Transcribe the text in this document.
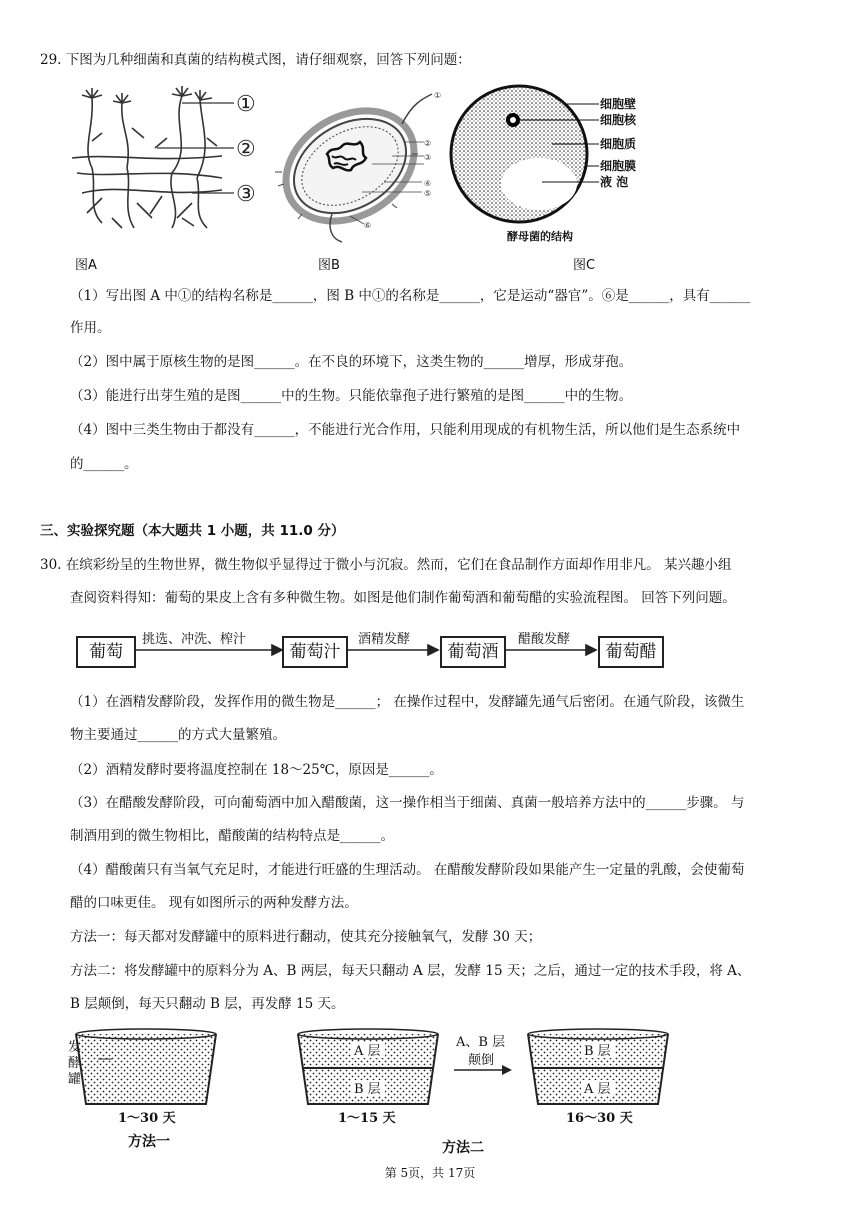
29. 下图为几种细菌和真菌的结构模式图，请仔细观察，回答下列问题：
①
②
③
图A
①
②
③
④
⑤
⑥
图B
细胞壁
细胞核
细胞质
细胞膜
液 泡
酵母菌的结构
图C
（1）写出图 A 中①的结构名称是______，图 B 中①的名称是______，它是运动“器官”。⑥是______，具有______
作用。
（2）图中属于原核生物的是图______。在不良的环境下，这类生物的______增厚，形成芽孢。
（3）能进行出芽生殖的是图______中的生物。只能依靠孢子进行繁殖的是图______中的生物。
（4）图中三类生物由于都没有______，不能进行光合作用，只能利用现成的有机物生活，所以他们是生态系统中
的______。
三、实验探究题（本大题共 1 小题，共 11.0 分）
30. 在缤彩纷呈的生物世界，微生物似乎显得过于微小与沉寂。然而，它们在食品制作方面却作用非凡。 某兴趣小组
查阅资料得知：葡萄的果皮上含有多种微生物。如图是他们制作葡萄酒和葡萄醋的实验流程图。 回答下列问题。
葡萄	葡萄汁	葡萄酒	葡萄醋
挑选、冲洗、榨汁	酒精发酵	醋酸发酵
（1）在酒精发酵阶段，发挥作用的微生物是______； 在操作过程中，发酵罐先通气后密闭。在通气阶段，该微生
物主要通过______的方式大量繁殖。
（2）酒精发酵时要将温度控制在 18～25℃，原因是______。
（3）在醋酸发酵阶段，可向葡萄酒中加入醋酸菌，这一操作相当于细菌、真菌一般培养方法中的______步骤。 与
制酒用到的微生物相比，醋酸菌的结构特点是______。
（4）醋酸菌只有当氧气充足时，才能进行旺盛的生理活动。 在醋酸发酵阶段如果能产生一定量的乳酸，会使葡萄
醋的口味更佳。 现有如图所示的两种发酵方法。
方法一：每天都对发酵罐中的原料进行翻动，使其充分接触氧气，发酵 30 天；
方法二：将发酵罐中的原料分为 A、B 两层，每天只翻动 A 层，发酵 15 天；之后，通过一定的技术手段，将 A、
B 层颠倒，每天只翻动 B 层，再发酵 15 天。
A 层
B 层
B 层
A 层
A、B 层
颠倒
1～30 天	1～15 天	16～30 天
方法一	方法二
发酵罐
第 5页，共 17页
